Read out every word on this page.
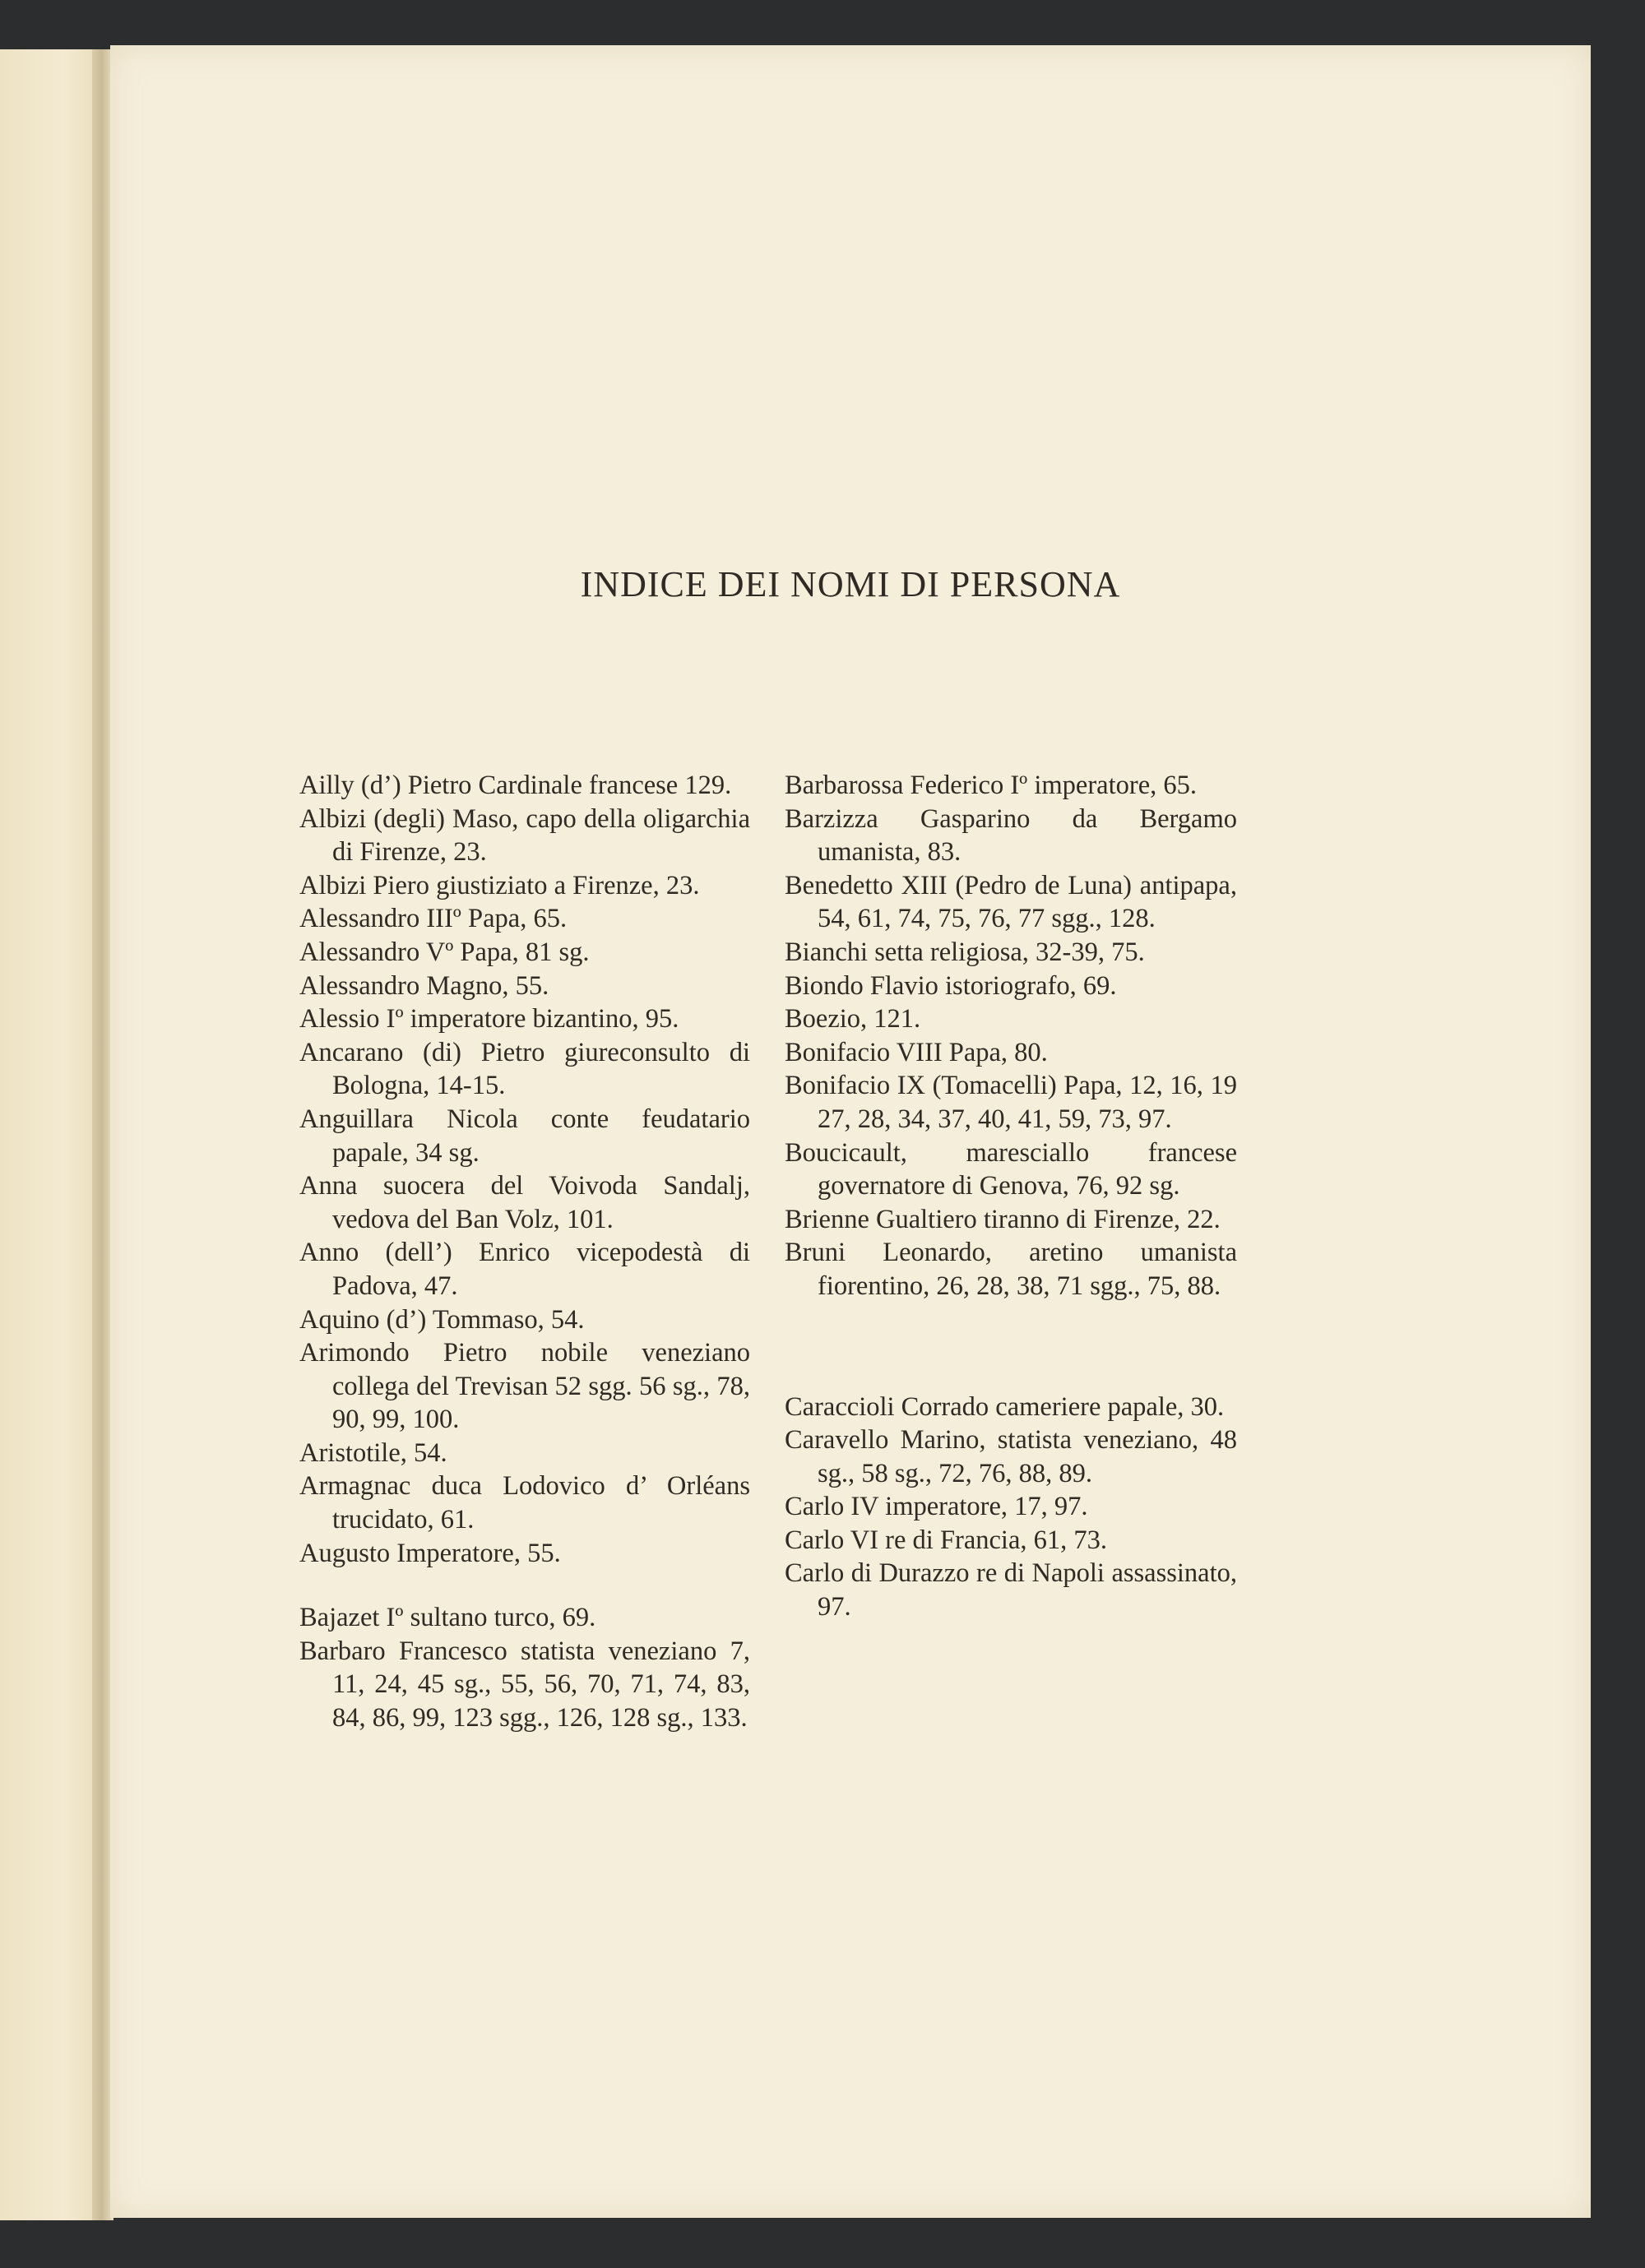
INDICE DEI NOMI DI PERSONA

Ailly (d’) Pietro Cardinale francese 129.

Albizi (degli) Maso, capo della oligarchia di Firenze, 23.

Albizi Piero giustiziato a Firenze, 23.

Alessandro IIIº Papa, 65.

Alessandro Vº Papa, 81 sg.

Alessandro Magno, 55.

Alessio Iº imperatore bizantino, 95.

Ancarano (di) Pietro giureconsulto di Bologna, 14-15.

Anguillara Nicola conte feudatario papale, 34 sg.

Anna suocera del Voivoda Sandalj, vedova del Ban Volz, 101.

Anno (dell’) Enrico vicepodestà di Padova, 47.

Aquino (d’) Tommaso, 54.

Arimondo Pietro nobile veneziano collega del Trevisan 52 sgg. 56 sg., 78, 90, 99, 100.

Aristotile, 54.

Armagnac duca Lodovico d’ Orléans trucidato, 61.

Augusto Imperatore, 55.

Bajazet Iº sultano turco, 69.

Barbaro Francesco statista veneziano 7, 11, 24, 45 sg., 55, 56, 70, 71, 74, 83, 84, 86, 99, 123 sgg., 126, 128 sg., 133.

Barbarossa Federico Iº imperatore, 65.

Barzizza Gasparino da Bergamo umanista, 83.

Benedetto XIII (Pedro de Luna) antipapa, 54, 61, 74, 75, 76, 77 sgg., 128.

Bianchi setta religiosa, 32-39, 75.

Biondo Flavio istoriografo, 69.

Boezio, 121.

Bonifacio VIII Papa, 80.

Bonifacio IX (Tomacelli) Papa, 12, 16, 19 27, 28, 34, 37, 40, 41, 59, 73, 97.

Boucicault, maresciallo francese governatore di Genova, 76, 92 sg.

Brienne Gualtiero tiranno di Firenze, 22.

Bruni Leonardo, aretino umanista fiorentino, 26, 28, 38, 71 sgg., 75, 88.

Caraccioli Corrado cameriere papale, 30.

Caravello Marino, statista veneziano, 48 sg., 58 sg., 72, 76, 88, 89.

Carlo IV imperatore, 17, 97.

Carlo VI re di Francia, 61, 73.

Carlo di Durazzo re di Napoli assassinato, 97.
